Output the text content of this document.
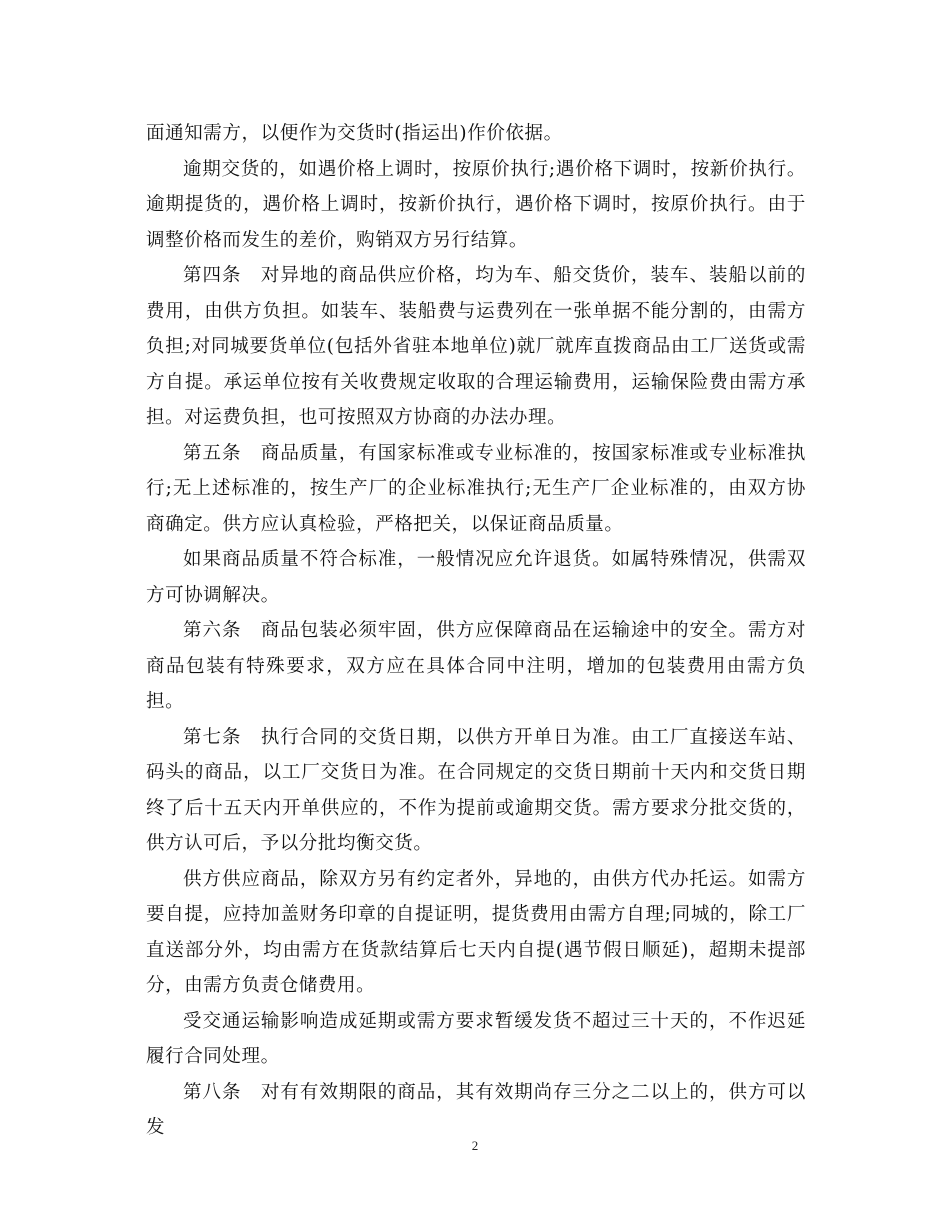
面通知需方，以便作为交货时(指运出)作价依据。

逾期交货的，如遇价格上调时，按原价执行;遇价格下调时，按新价执行。逾期提货的，遇价格上调时，按新价执行，遇价格下调时，按原价执行。由于调整价格而发生的差价，购销双方另行结算。

第四条　对异地的商品供应价格，均为车、船交货价，装车、装船以前的费用，由供方负担。如装车、装船费与运费列在一张单据不能分割的，由需方负担;对同城要货单位(包括外省驻本地单位)就厂就库直拨商品由工厂送货或需方自提。承运单位按有关收费规定收取的合理运输费用，运输保险费由需方承担。对运费负担，也可按照双方协商的办法办理。

第五条　商品质量，有国家标准或专业标准的，按国家标准或专业标准执行;无上述标准的，按生产厂的企业标准执行;无生产厂企业标准的，由双方协商确定。供方应认真检验，严格把关，以保证商品质量。

如果商品质量不符合标准，一般情况应允许退货。如属特殊情况，供需双方可协调解决。

第六条　商品包装必须牢固，供方应保障商品在运输途中的安全。需方对商品包装有特殊要求，双方应在具体合同中注明，增加的包装费用由需方负担。

第七条　执行合同的交货日期，以供方开单日为准。由工厂直接送车站、码头的商品，以工厂交货日为准。在合同规定的交货日期前十天内和交货日期终了后十五天内开单供应的，不作为提前或逾期交货。需方要求分批交货的，供方认可后，予以分批均衡交货。

供方供应商品，除双方另有约定者外，异地的，由供方代办托运。如需方要自提，应持加盖财务印章的自提证明，提货费用由需方自理;同城的，除工厂直送部分外，均由需方在货款结算后七天内自提(遇节假日顺延)，超期未提部分，由需方负责仓储费用。

受交通运输影响造成延期或需方要求暂缓发货不超过三十天的，不作迟延履行合同处理。

第八条　对有有效期限的商品，其有效期尚存三分之二以上的，供方可以发

2
